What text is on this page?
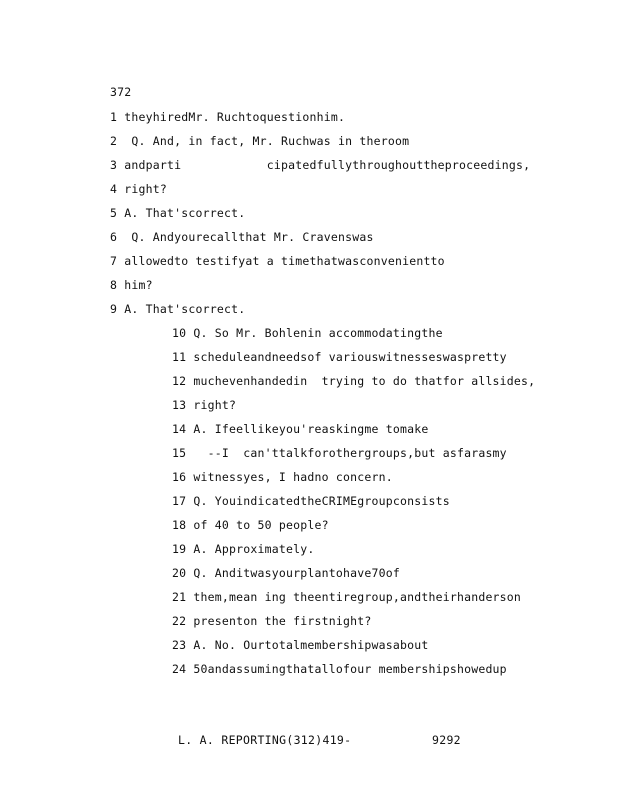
372
1 theyhiredMr. Ruchtoquestionhim.
2  Q. And, in fact, Mr. Ruchwas in theroom
3 andparti            cipatedfullythroughouttheproceedings,
4 right?
5 A. That'scorrect.
6  Q. Andyourecallthat Mr. Cravenswas
7 allowedto testifyat a timethatwasconvenientto
8 him?
9 A. That'scorrect.
10 Q. So Mr. Bohlenin accommodatingthe
11 scheduleandneedsof variouswitnesseswaspretty
12 muchevenhandedin  trying to do thatfor allsides,
13 right?
14 A. Ifeellikeyou'reaskingme tomake
15   --I  can'ttalkforothergroups,but asfarasmy
16 witnessyes, I hadno concern.
17 Q. YouindicatedtheCRIMEgroupconsists
18 of 40 to 50 people?
19 A. Approximately.
20 Q. Anditwasyourplantohave70of
21 them,mean ing theentiregroup,andtheirhanderson
22 presenton the firstnight?
23 A. No. Ourtotalmembershipwasabout
24 50andassumingthatallofour membershipshowedup
L. A. REPORTING(312)419-	9292
